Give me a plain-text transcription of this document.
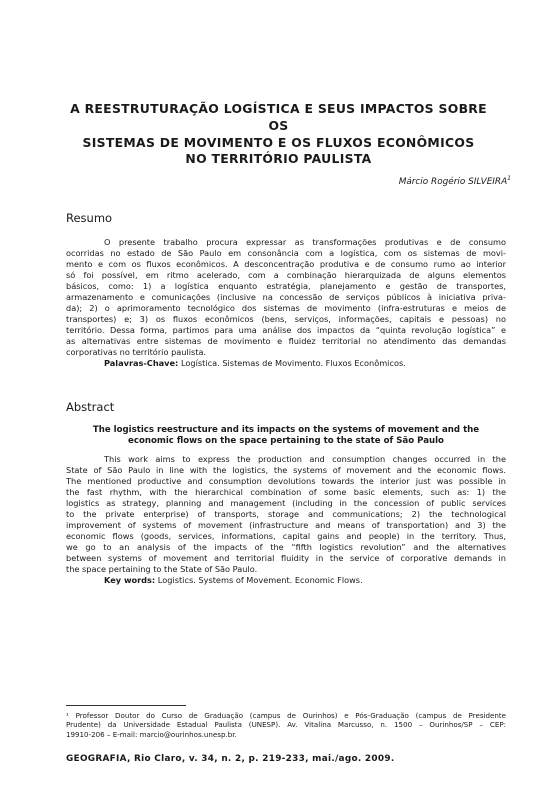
A REESTRUTURAÇÃO LOGÍSTICA E SEUS IMPACTOS SOBRE OS
SISTEMAS DE MOVIMENTO E OS FLUXOS ECONÔMICOS
NO TERRITÓRIO PAULISTA
Márcio Rogério SILVEIRA$^1$
Resumo
O presente trabalho procura expressar as transformações produtivas e de consumo
ocorridas no estado de São Paulo em consonância com a logística, com os sistemas de movi-
mento e com os fluxos econômicos. A desconcentração produtiva e de consumo rumo ao interior
só foi possível, em ritmo acelerado, com a combinação hierarquizada de alguns elementos
básicos, como: 1) a logística enquanto estratégia, planejamento e gestão de transportes,
armazenamento e comunicações (inclusive na concessão de serviços públicos à iniciativa priva-
da); 2) o aprimoramento tecnológico dos sistemas de movimento (infra-estruturas e meios de
transportes) e; 3) os fluxos econômicos (bens, serviços, informações, capitais e pessoas) no
território. Dessa forma, partimos para uma análise dos impactos da “quinta revolução logística” e
as alternativas entre sistemas de movimento e fluidez territorial no atendimento das demandas
corporativas no território paulista.
Palavras-Chave: Logística. Sistemas de Movimento. Fluxos Econômicos.
Abstract
The logistics reestructure and its impacts on the systems of movement and the
economic flows on the space pertaining to the state of São Paulo
This work aims to express the production and consumption changes occurred in the
State of São Paulo in line with the logistics, the systems of movement and the economic flows.
The mentioned productive and consumption devolutions towards the interior just was possible in
the fast rhythm, with the hierarchical combination of some basic elements, such as: 1) the
logistics as strategy, planning and management (including in the concession of public services
to the private enterprise) of transports, storage and communications; 2) the technological
improvement of systems of movement (infrastructure and means of transportation) and 3) the
economic flows (goods, services, informations, capital gains and people) in the territory. Thus,
we go to an analysis of the impacts of the “fifth logistics revolution” and the alternatives
between systems of movement and territorial fluidity in the service of corporative demands in
the space pertaining to the State of São Paulo.
Key words: Logistics. Systems of Movement. Economic Flows.
¹ Professor Doutor do Curso de Graduação (campus de Ourinhos) e Pós-Graduação (campus de Presidente
Prudente) da Universidade Estadual Paulista (UNESP). Av. Vitalina Marcusso, n. 1500 – Ourinhos/SP – CEP:
19910-206 – E-mail: marcio@ourinhos.unesp.br.
GEOGRAFIA, Rio Claro, v. 34, n. 2, p. 219-233, mai./ago. 2009.
